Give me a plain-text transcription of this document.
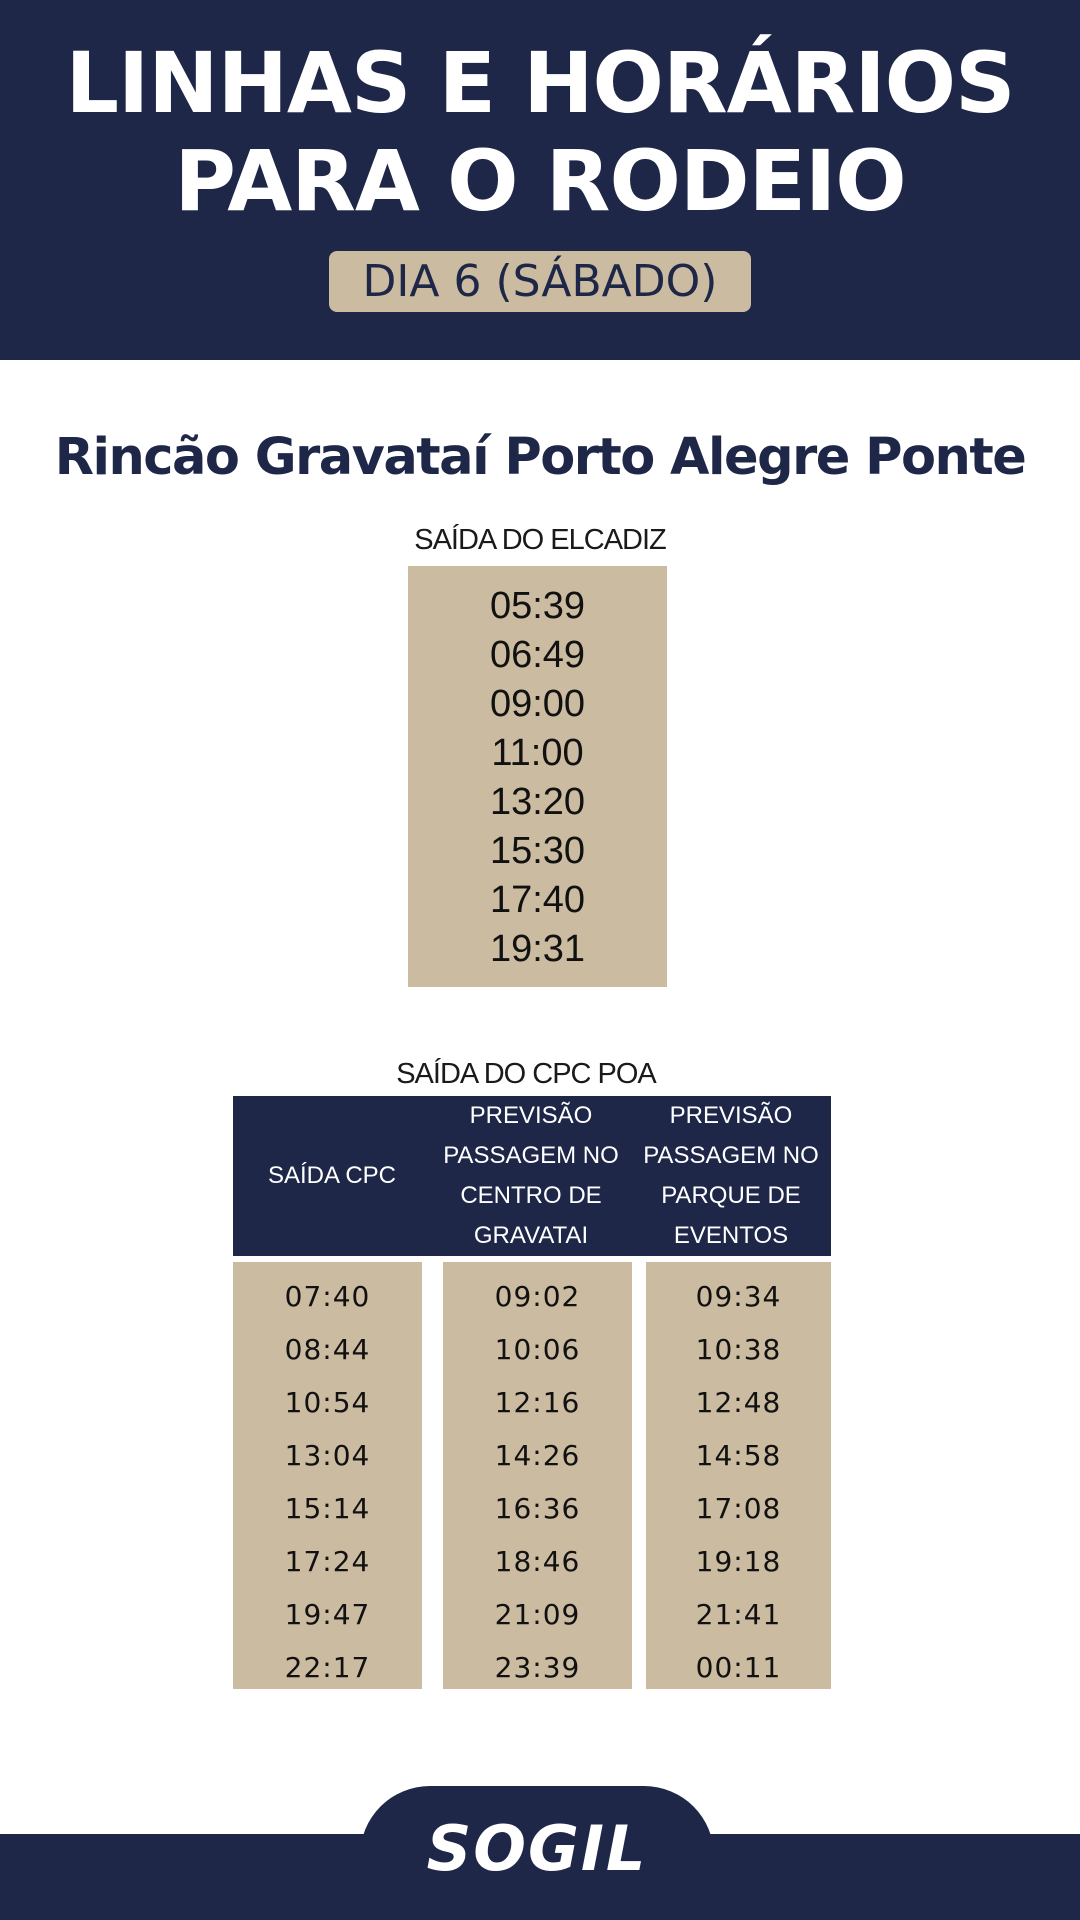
LINHAS E HORÁRIOS
PARA O RODEIO
DIA 6 (SÁBADO)
Rincão Gravataí Porto Alegre Ponte
SAÍDA DO ELCADIZ
05:39
06:49
09:00
11:00
13:20
15:30
17:40
19:31
SAÍDA DO CPC POA
SAÍDA CPC
PREVISÃO PASSAGEM NO CENTRO DE GRAVATAI
PREVISÃO PASSAGEM NO PARQUE DE EVENTOS
07:40
08:44
10:54
13:04
15:14
17:24
19:47
22:17
09:02
10:06
12:16
14:26
16:36
18:46
21:09
23:39
09:34
10:38
12:48
14:58
17:08
19:18
21:41
00:11
SOGIL
